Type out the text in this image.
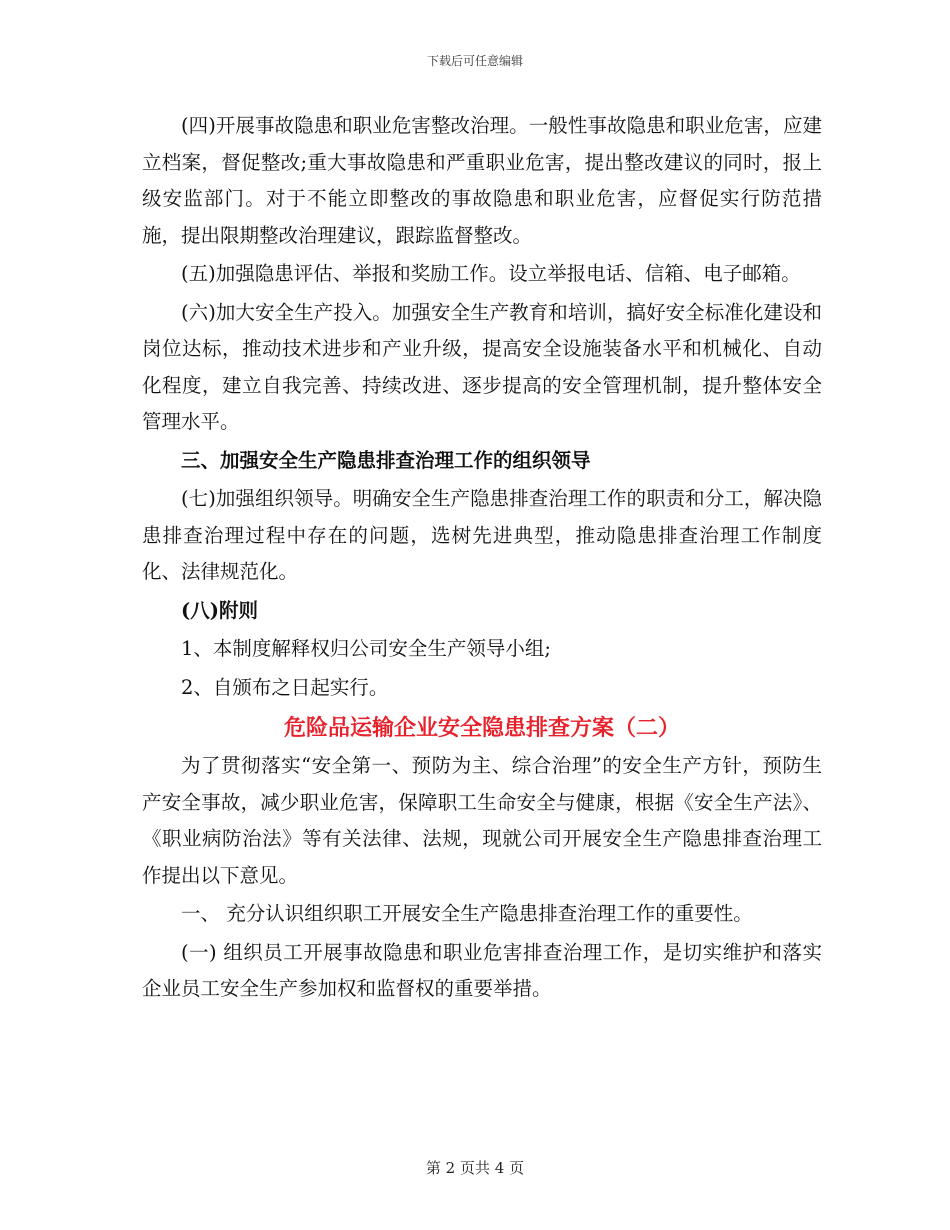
下载后可任意编辑

(四)开展事故隐患和职业危害整改治理。一般性事故隐患和职业危害，应建立档案，督促整改;重大事故隐患和严重职业危害，提出整改建议的同时，报上级安监部门。对于不能立即整改的事故隐患和职业危害，应督促实行防范措施，提出限期整改治理建议，跟踪监督整改。

(五)加强隐患评估、举报和奖励工作。设立举报电话、信箱、电子邮箱。

(六)加大安全生产投入。加强安全生产教育和培训，搞好安全标准化建设和岗位达标，推动技术进步和产业升级，提高安全设施装备水平和机械化、自动化程度，建立自我完善、持续改进、逐步提高的安全管理机制，提升整体安全管理水平。

三、加强安全生产隐患排查治理工作的组织领导

(七)加强组织领导。明确安全生产隐患排查治理工作的职责和分工，解决隐患排查治理过程中存在的问题，选树先进典型，推动隐患排查治理工作制度化、法律规范化。

(八)附则

1、本制度解释权归公司安全生产领导小组;

2、自颁布之日起实行。

危险品运输企业安全隐患排查方案（二）

为了贯彻落实“安全第一、预防为主、综合治理”的安全生产方针，预防生产安全事故，减少职业危害，保障职工生命安全与健康，根据《安全生产法》、《职业病防治法》等有关法律、法规，现就公司开展安全生产隐患排查治理工作提出以下意见。

一、 充分认识组织职工开展安全生产隐患排查治理工作的重要性。

(一) 组织员工开展事故隐患和职业危害排查治理工作，是切实维护和落实企业员工安全生产参加权和监督权的重要举措。

第 2 页共 4 页
